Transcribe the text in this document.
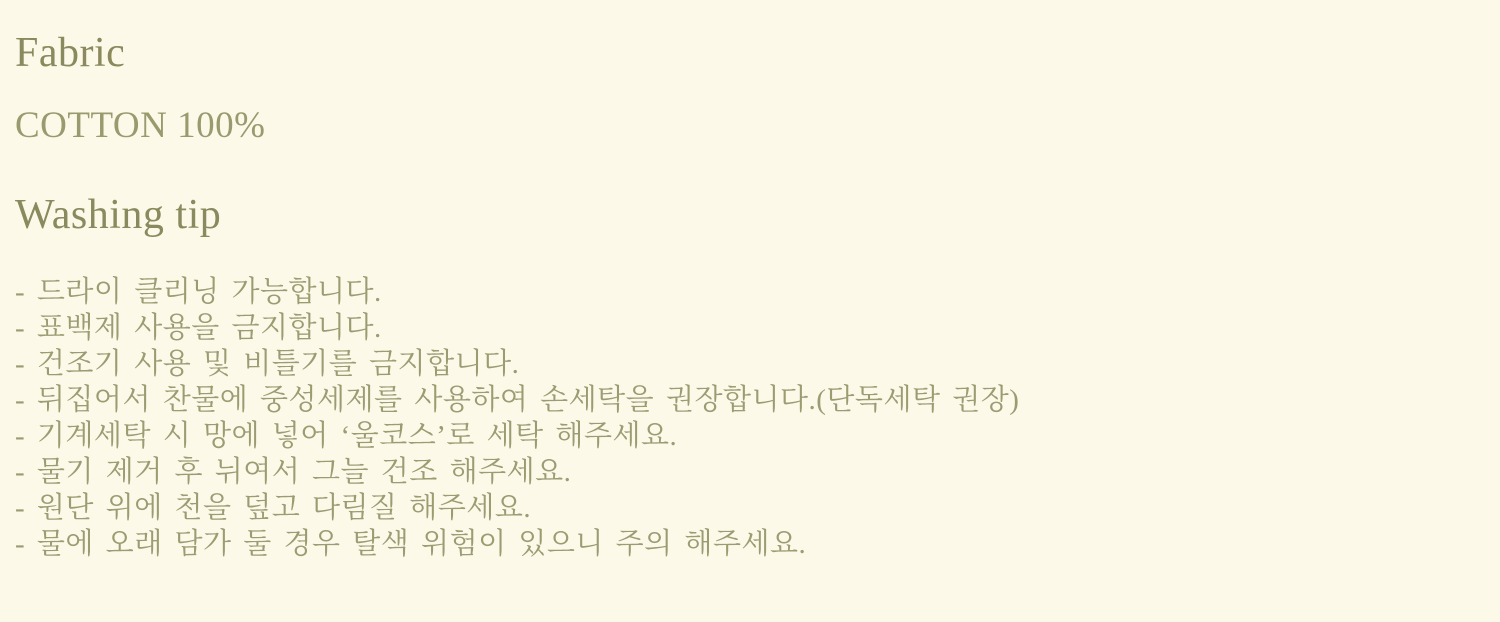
Fabric

COTTON 100%

Washing tip
- 드라이 클리닝 가능합니다.
- 표백제 사용을 금지합니다.
- 건조기 사용 및 비틀기를 금지합니다.
- 뒤집어서 찬물에 중성세제를 사용하여 손세탁을 권장합니다.(단독세탁 권장)
- 기계세탁 시 망에 넣어 ‘울코스’로 세탁 해주세요.
- 물기 제거 후 뉘여서 그늘 건조 해주세요.
- 원단 위에 천을 덮고 다림질 해주세요.
- 물에 오래 담가 둘 경우 탈색 위험이 있으니 주의 해주세요.
